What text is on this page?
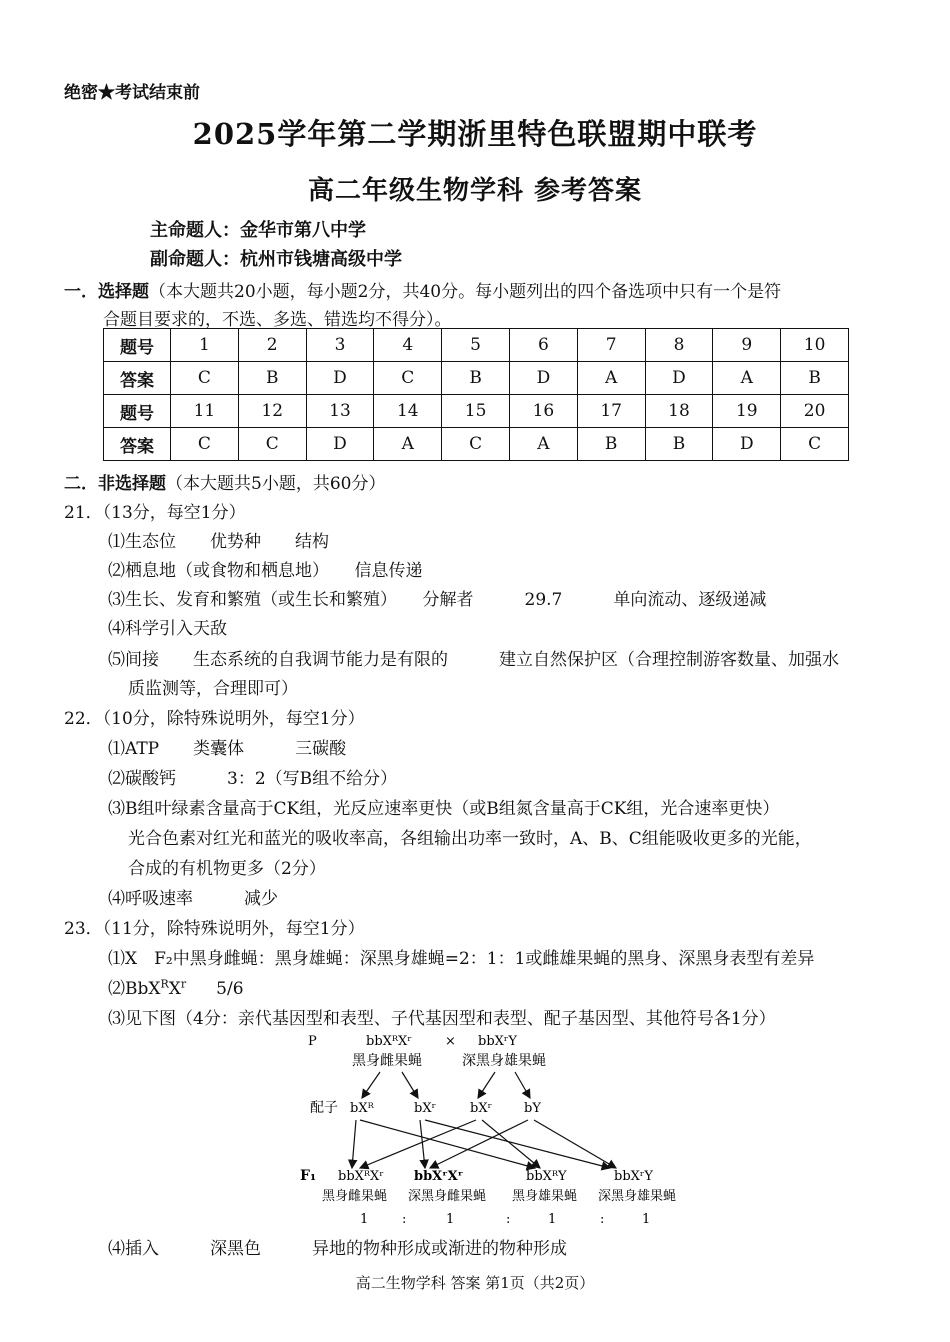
绝密★考试结束前
2025学年第二学期浙里特色联盟期中联考
高二年级生物学科 参考答案
主命题人：金华市第八中学
副命题人：杭州市钱塘高级中学
一．选择题（本大题共20小题，每小题2分，共40分。每小题列出的四个备选项中只有一个是符
合题目要求的，不选、多选、错选均不得分）。
题号	1	2	3	4	5	6	7	8	9	10
答案	C	B	D	C	B	D	A	D	A	B
题号	11	12	13	14	15	16	17	18	19	20
答案	C	C	D	A	C	A	B	B	D	C
二．非选择题（本大题共5小题，共60分）
21．（13分，每空1分）
⑴生态位　　优势种　　结构
⑵栖息地（或食物和栖息地）　　信息传递
⑶生长、发育和繁殖（或生长和繁殖）　　分解者　　　29.7　　　单向流动、逐级递减
⑷科学引入天敌
⑸间接　　生态系统的自我调节能力是有限的　　　建立自然保护区（合理控制游客数量、加强水
质监测等，合理即可）
22．（10分，除特殊说明外，每空1分）
⑴ATP　　类囊体　　　三碳酸
⑵碳酸钙　　　3：2（写B组不给分）
⑶B组叶绿素含量高于CK组，光反应速率更快（或B组氮含量高于CK组，光合速率更快）
光合色素对红光和蓝光的吸收率高，各组输出功率一致时，A、B、C组能吸收更多的光能，
合成的有机物更多（2分）
⑷呼吸速率　　　减少
23．（11分，除特殊说明外，每空1分）
⑴X　F₂中黑身雌蝇：黑身雄蝇：深黑身雄蝇=2：1：1或雌雄果蝇的黑身、深黑身表型有差异
$⑵BbX^RX^r$ 5/6
⑶见下图（4分：亲代基因型和表型、子代基因型和表型、配子基因型、其他符号各1分）
P	bbXᴿXʳ	× bbXʳY
黑身雌果蝇	深黑身雄果蝇
配子 bXᴿ	bXʳ	bXʳ bY
F₁ bbXᴿXʳ bbXʳXʳ	bbXᴿY	bbXʳY
黑身雌果蝇 深黑身雌果蝇 黑身雄果蝇 深黑身雄果蝇
1	:	1	:	1	:	1
⑷插入　　　深黑色　　　异地的物种形成或渐进的物种形成
高二生物学科 答案 第1页（共2页）
